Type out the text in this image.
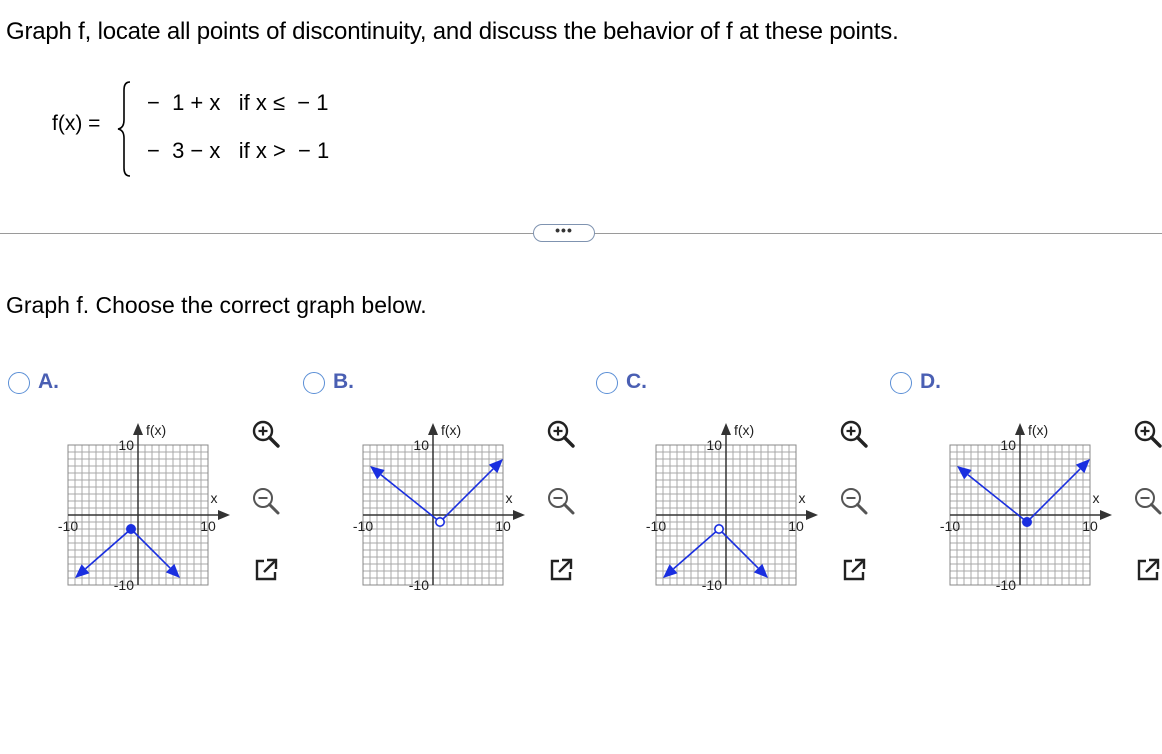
Graph f, locate all points of discontinuity, and discuss the behavior of f at these points.
f(x) =
−  1 + x   if x ≤  − 1
−  3 − x   if x >  − 1
•••
Graph f. Choose the correct graph below.
A.
f(x)
x
10
-10
-10	10
B.
f(x)
x
10
-10
-10	10
C.
f(x)
x
10
-10
-10	10
D.
f(x)
x
10
-10
-10	10
